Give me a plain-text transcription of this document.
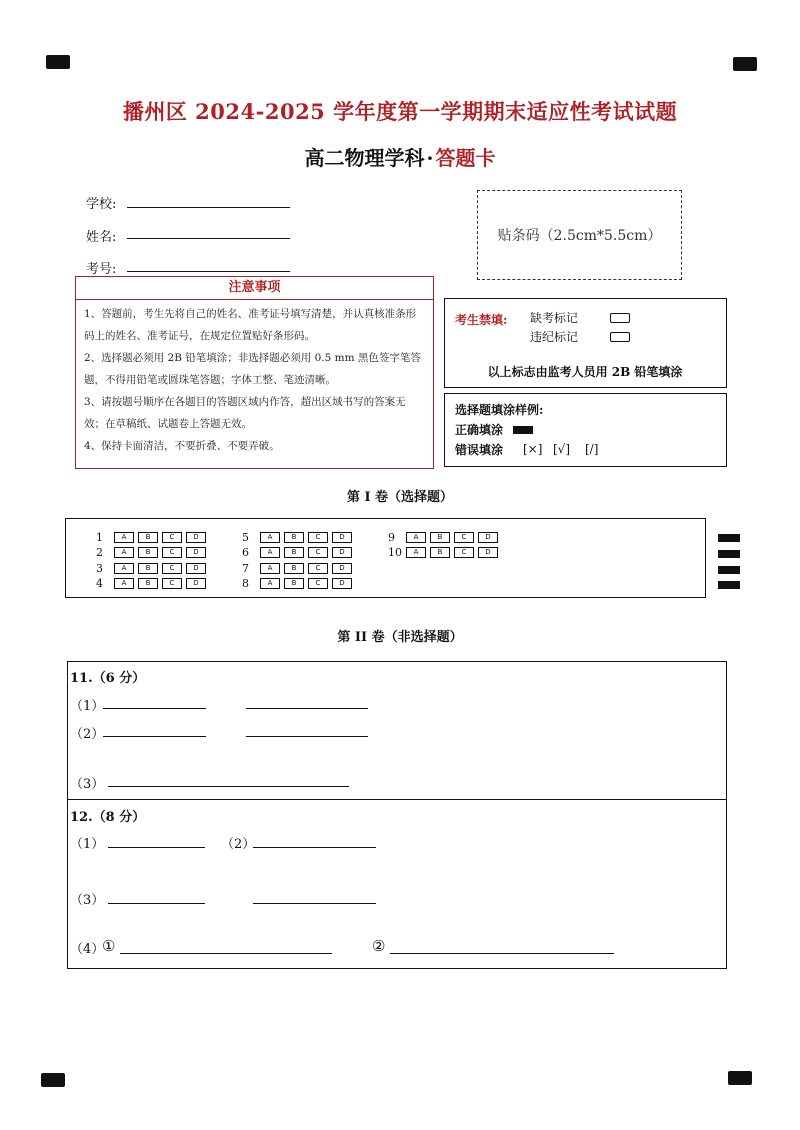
播州区 2024-2025 学年度第一学期期末适应性考试试题
高二物理学科 · 答题卡
学校:
姓名:
考号:
贴条码（2.5cm*5.5cm）
注意事项
1、答题前，考生先将自己的姓名、准考证号填写清楚，并认真核准条形码上的姓名、准考证号，在规定位置贴好条形码。
2、选择题必须用 2B 铅笔填涂；非选择题必须用 0.5 mm 黑色签字笔答题，不得用铅笔或圆珠笔答题；字体工整、笔迹清晰。
3、请按题号顺序在各题目的答题区域内作答，超出区域书写的答案无效；在草稿纸、试题卷上答题无效。
4、保持卡面清洁，不要折叠、不要弄破。
考生禁填: 缺考标记
违纪标记
以上标志由监考人员用 2B 铅笔填涂
选择题填涂样例:
正确填涂
错误填涂 [×] [√] [/]
第 I 卷（选择题）
1	A	B	C	D
2	A	B	C	D
3	A	B	C	D
4	A	B	C	D
5	A	B	C	D
6	A	B	C	D
7	A	B	C	D
8	A	B	C	D
9	A	B	C	D
10	A	B	C	D
第 II 卷（非选择题）
11.（6 分）
（1）
（2）
（3）
12.（8 分）
（1）	（2）
（3）
（4）
①	②
